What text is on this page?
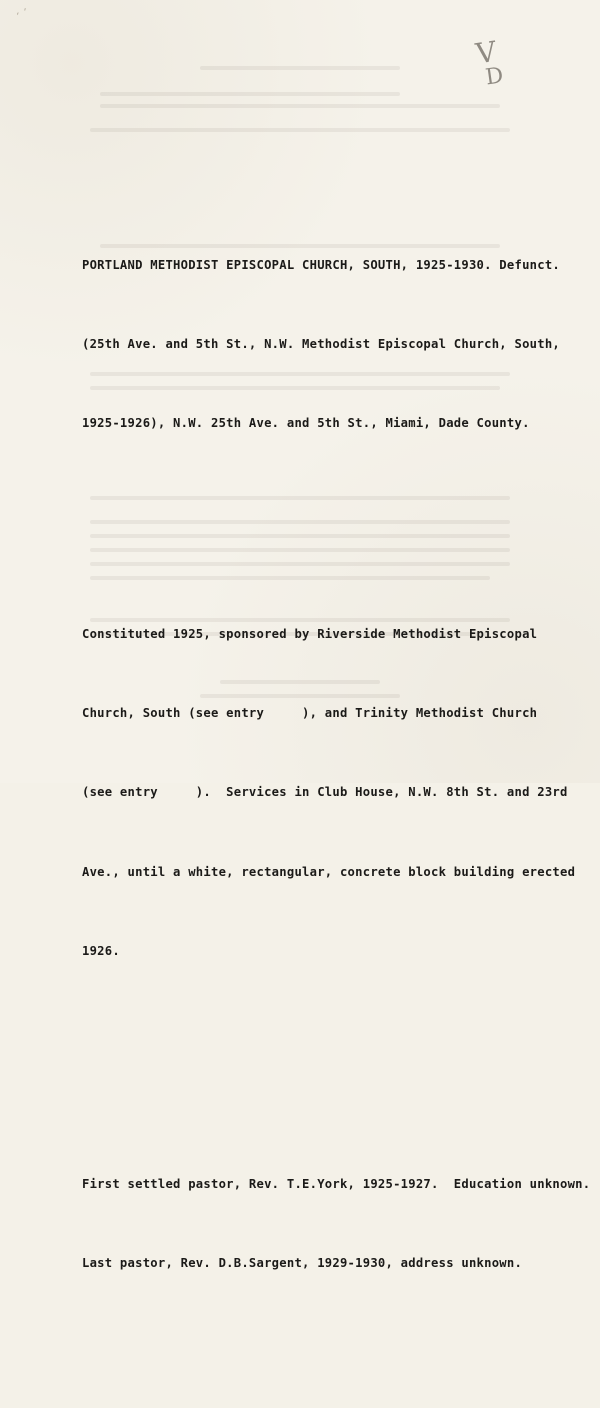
ˊˊ
$V_D$

PORTLAND METHODIST EPISCOPAL CHURCH, SOUTH, 1925-1930. Defunct.

(25th Ave. and 5th St., N.W. Methodist Episcopal Church, South,

1925-1926), N.W. 25th Ave. and 5th St., Miami, Dade County.

Constituted 1925, sponsored by Riverside Methodist Episcopal

Church, South (see entry     ), and Trinity Methodist Church

(see entry     ).  Services in Club House, N.W. 8th St. and 23rd

Ave., until a white, rectangular, concrete block building erected

1926.

First settled pastor, Rev. T.E.York, 1925-1927.  Education unknown.

Last pastor, Rev. D.B.Sargent, 1929-1930, address unknown.
